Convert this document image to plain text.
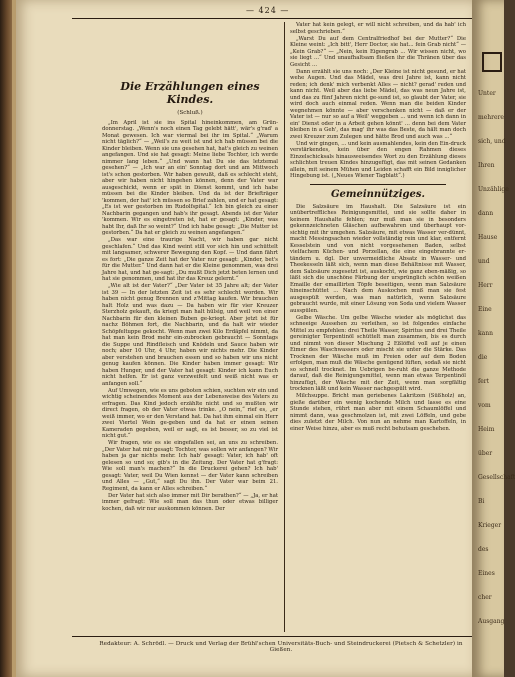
— 424 —
Die Erzählungen eines Kindes.
(Schluß.)

„Im April ist sie ins Spital hineinkommen, am Grün-donnerstag. „Wenn's noch einen Tag gelebt hätt', wär's g'rad' a Monat gewesen. Ich war viermal bei ihr im Spital.“ „Warum nicht täglich?“ — „Weil's zu weit ist und ich hab müssen bei die Kinder bleiben. Wenn sie uns gesehen hat, hat's gleich zu weinen angefangen. Und sie hat gesagt: Meine liebe Tochter, ich werde nimmer lang leben.“ „Und wann hat Du sie das letztemal gesehen?“ — „Ich war an ein' Sonntag dort und am Mittwoch ist's schon gestorben. Wir haben gewußt, daß es schlecht steht, aber wir haben nicht hingehen können, denn der Vater war ausgeschickt, wenn er spät in Dienst kommt, und ich habe müssen bei die Kinder bleiben. Und da ist der Briefträger 'kommen, der hat' ich müssen so Brief zahlen, und er hat gesagt: „Es ist wer gestorben im Rudolfspital.“ Ich bin gleich zu einer Nachbarin gegangen und hab's ihr gesagt. Abends ist der Vater 'kommen. Wir es eingetreten ist, hat er gesagt: „Kinder, was habt Ihr, daß Ihr so weint?“ Und ich habe gesagt: „Die Mutter ist gestorben.“ Da hat er gleich zu weinen angefangen.“

„Das war eine traurige Nacht, wir haben gar nicht geschlafen.“ Und das Kind weint still vor sich hin und schüttelt mit langsamer, schwerer Bewegung den Kopf. — Und dann fährt es fort: „Die ganze Zeit hat der Vater nur gesagt: „Kinder, bet's für die Mutter.“ Und dann hat er die Kleine genommen, was drei Jahre hat, und hat ge-sagt: „Du mußt Dich jetzt beten lernen und hat sie genommen, und hat ihr das Kreuz gelernt.“

„Wie alt ist der Vater?“ „Der Vater ist 35 Jahre alt; der Vater ist 39 — In der letzten Zeit ist es sehr schlecht worden. Wir haben nicht genug Brennen und z'Mittag kaufen. Wir brauchen halt Holz und was dazu — Da haben wir für vier Kreuzer Sterzholz gekauft, da kriegt man halt hülsig, und weil von einer Nachbarin für den kleinen Buben ge-kriegt. Aber jetzt ist für nachz Böhmen fort, die Nachbarin, und da halt wir wieder Schöpfeltuppe gekocht. Wenn man zwei Kilo Erdäpfel nimmt, da hat man kein Brod mehr ein-zubrocken gebraucht — Sonntags die Suppe und Rindfleisch und Knödeln und Sauce haben wir noch; aber 10 Uhr, 4 Uhr, haben wir nichts mehr. Die Kinder aber verstehen und brauchen essen und so haben wir uns nicht genug kaufen können. Die Kinder haben immer gesagt: Wir haben Hunger, und der Vater hat gesagt: Kinder ich kann Euch nicht helfen. Er ist ganz verzweifelt und weiß nicht was er anfangen soll.“

Auf Umwegen, wie es uns geboten schien, suchten wir ein und wichtig scheinendes Moment aus der Lebensweise des Vaters zu erfragen. Das Kind jedoch erzählte nicht und so mußten wir direct fragen, ob der Vater etwas trinke. „O nein,“ rief es, „er weiß immer, wo er den Verstand hat. Da hat ihm einmal ein Herr zwei Viertel Wein ge-geben und da hat er einen seinen Kameraden gegeben, weil er sagt, es ist besser, so zu viel ist nicht gut.“

Wir fragen, wie es sie eingefallen sei, an uns zu schreiben. „Der Vater hat mir gesagt: Tochter, was sollen wir anfangen? Wir haben ja gar nichts mehr. Ich hab' gesagt: Vater, ich hab' oft gelesen so und so; gib's in die Zeitung. Der Vater hat g'fragt: Wie soll man's machen?“ In die Druckerei gehen? Ich hab' gesagt: Vater, weil Du Wien kennst — der Vater kann schreiben und Alles — „Gut,“ sagt Du ihn. Der Vater war beim 21. Regiment, da kann er Alles schreiben.“

Der Vater hat sich also immer mit Dir berathen?“ — „Ja, er hat immer gefragt: Wie soll man das thun oder etwas billiger kochen, daß wir nur auskommen können. Der

Vater hat kein gelegt, er will nicht schreiben, und da hab' ich selbst geschrieben.“

„Warst Du auf dem Centralfriedhof bei der Mutter?“ Die Kleine weint: „Ich bitt', Herr Doctor, sie hat... fein Grab nicht“ — „Kein Grab?“ — „Nein, kein Eigengrab ... Wir wissen nicht, wo sie liegt ...“ Und unaufhaltsam fließen ihr die Thränen über das Gesicht ...

Dann erzählt sie uns noch: „Der Kleine ist nicht gesund, er hat wehe Augen. Und das Mädel, was drei Jahre ist, kann nicht reden; ich denk' mich verbenkt Alles — nicht? gerad' reden und kann nicht. Weil aber das liebe Mädel, das was neun Jahre ist, und das zu fünf Jahren nicht ge-sund ist, so glaubt der Vater, sie wird doch auch einmal reden. Wenn man die beiden Kinder wegnehmen könnte — aber verschenken nicht — daß er der Vater ist — nur so auf a Weil' weggeben ... und wenn ich dann in ein' Dienst oder in a Arbeit gehen könnt' ... denn bei dem Vater bleiben in a Geh', das mag' ihr was das Beste, da hält man doch zwei Kreuzer zum Zulegen und hätte Brod und auch was ...“

Und wir gingen, ... und kein ausmahlendes, kein den Ein-druck verstärkendes, kein über den engen Rahmen dieses Einzelschicksals hinausweisendes Wort zu den Erzählung dieses schlichten treuen Kindes hinzugefügt, das mit seinen Gedanken allein, mit seinem Mühen und Leiden schafft ein Bild inniglicher Hingebung ist. („Neues Wiener Tagblatt“.)

Gemeinnütziges.

Die Salzsäure im Haushalt. Die Salzsäure ist ein unübertreffliches Reinigungsmittel, und sie sollte daher in keinem Haushalte fehlen; nur muß man sie in besonders gekennzeichneten Gläschen aufbewahren und überhaupt vor-sichtig mit ihr umgehen. Salzsäure, mit etwas Wasser ver-dünnt, macht Messingsachen wieder vollständig rein und klar, entfernt Kesselstein und von nicht vorgesehenen Baden, selbst vielfachem Küchen- und Porzellan, die eine eingebrannte er-tändern u. dgl. Der unvermeidliche Absatz in Wasser- und Theekesseln läßt sich, wenn man diese Behältnisse mit Wasser, dem Salzsäure zugesetzt ist, auskocht, wie ganz eben-mäßig, so läßt sich die unschöne Färbung der ursprünglich schön weißen Emaille der emaillirten Töpfe beseitigen, wenn man Salzsäure hineinschüttet ... Nach dem Auskochen muß man sie fest ausgespült werden, was man natürlich, wenn Salzsäure gebraucht wurde, mit einer Lösung von Soda und vielem Wasser ausspülen.

Gelbe Wäsche. Um gelbe Wäsche wieder als möglichst das schneeige Aussehen zu verleihen, so ist folgendes einfache Mittel zu empfehlen: drei Theile Wasser, Spiritus und drei Theile gereinigter Terpentinöl schüttelt man zusammen, bis es durch und nimmt von dieser Mischung 2 Eßlöffel voll auf je einen Eimer des Waschwassers oder mischt sie unter die Stärke. Das Trocknen der Wäsche muß im Freien oder auf dem Boden erfolgen, man muß die Wäsche genügend lüften, sodaß sie nicht so schnell trocknet. Im Uebrigen be-ruht die ganze Methode darauf, daß die Reinigungsmittel, wenn man etwas Terpentinöl hinzufügt, der Wäsche mit der Zeit, wenn man sorgfältig trocknen läßt und kein Wasser nachgespült wird.

Milchsuppe. Bricht man geriebenes Lakritzen (Süßholz) an, gieße darüber ein wenig kochende Milch und lasse es eine Stunde stehen, rührt man aber mit einem Schaumlöffel und nimmt dann, was geschmolzen ist, mit zwei Löffeln, und gebe dies zuletzt der Milch. Von nun an nehme man Kartoffeln, in einer Weise hinzu, aber es muß recht behutsam geschehen.

Redakteur: A. Schrödl. — Druck und Verlag der Brühl'schen Universitäts-Buch- und Steindruckerei (Pietsch & Schetzler) in Gießen.
Unter
mehrere
sich, und
Ihren
Unzählige
dann
Hause
und
Herr
Eine
kann
die
fert
vom
Heim
über
Gesellschaft
Bi
Krieger
des
Eines
cher
Ausgang
